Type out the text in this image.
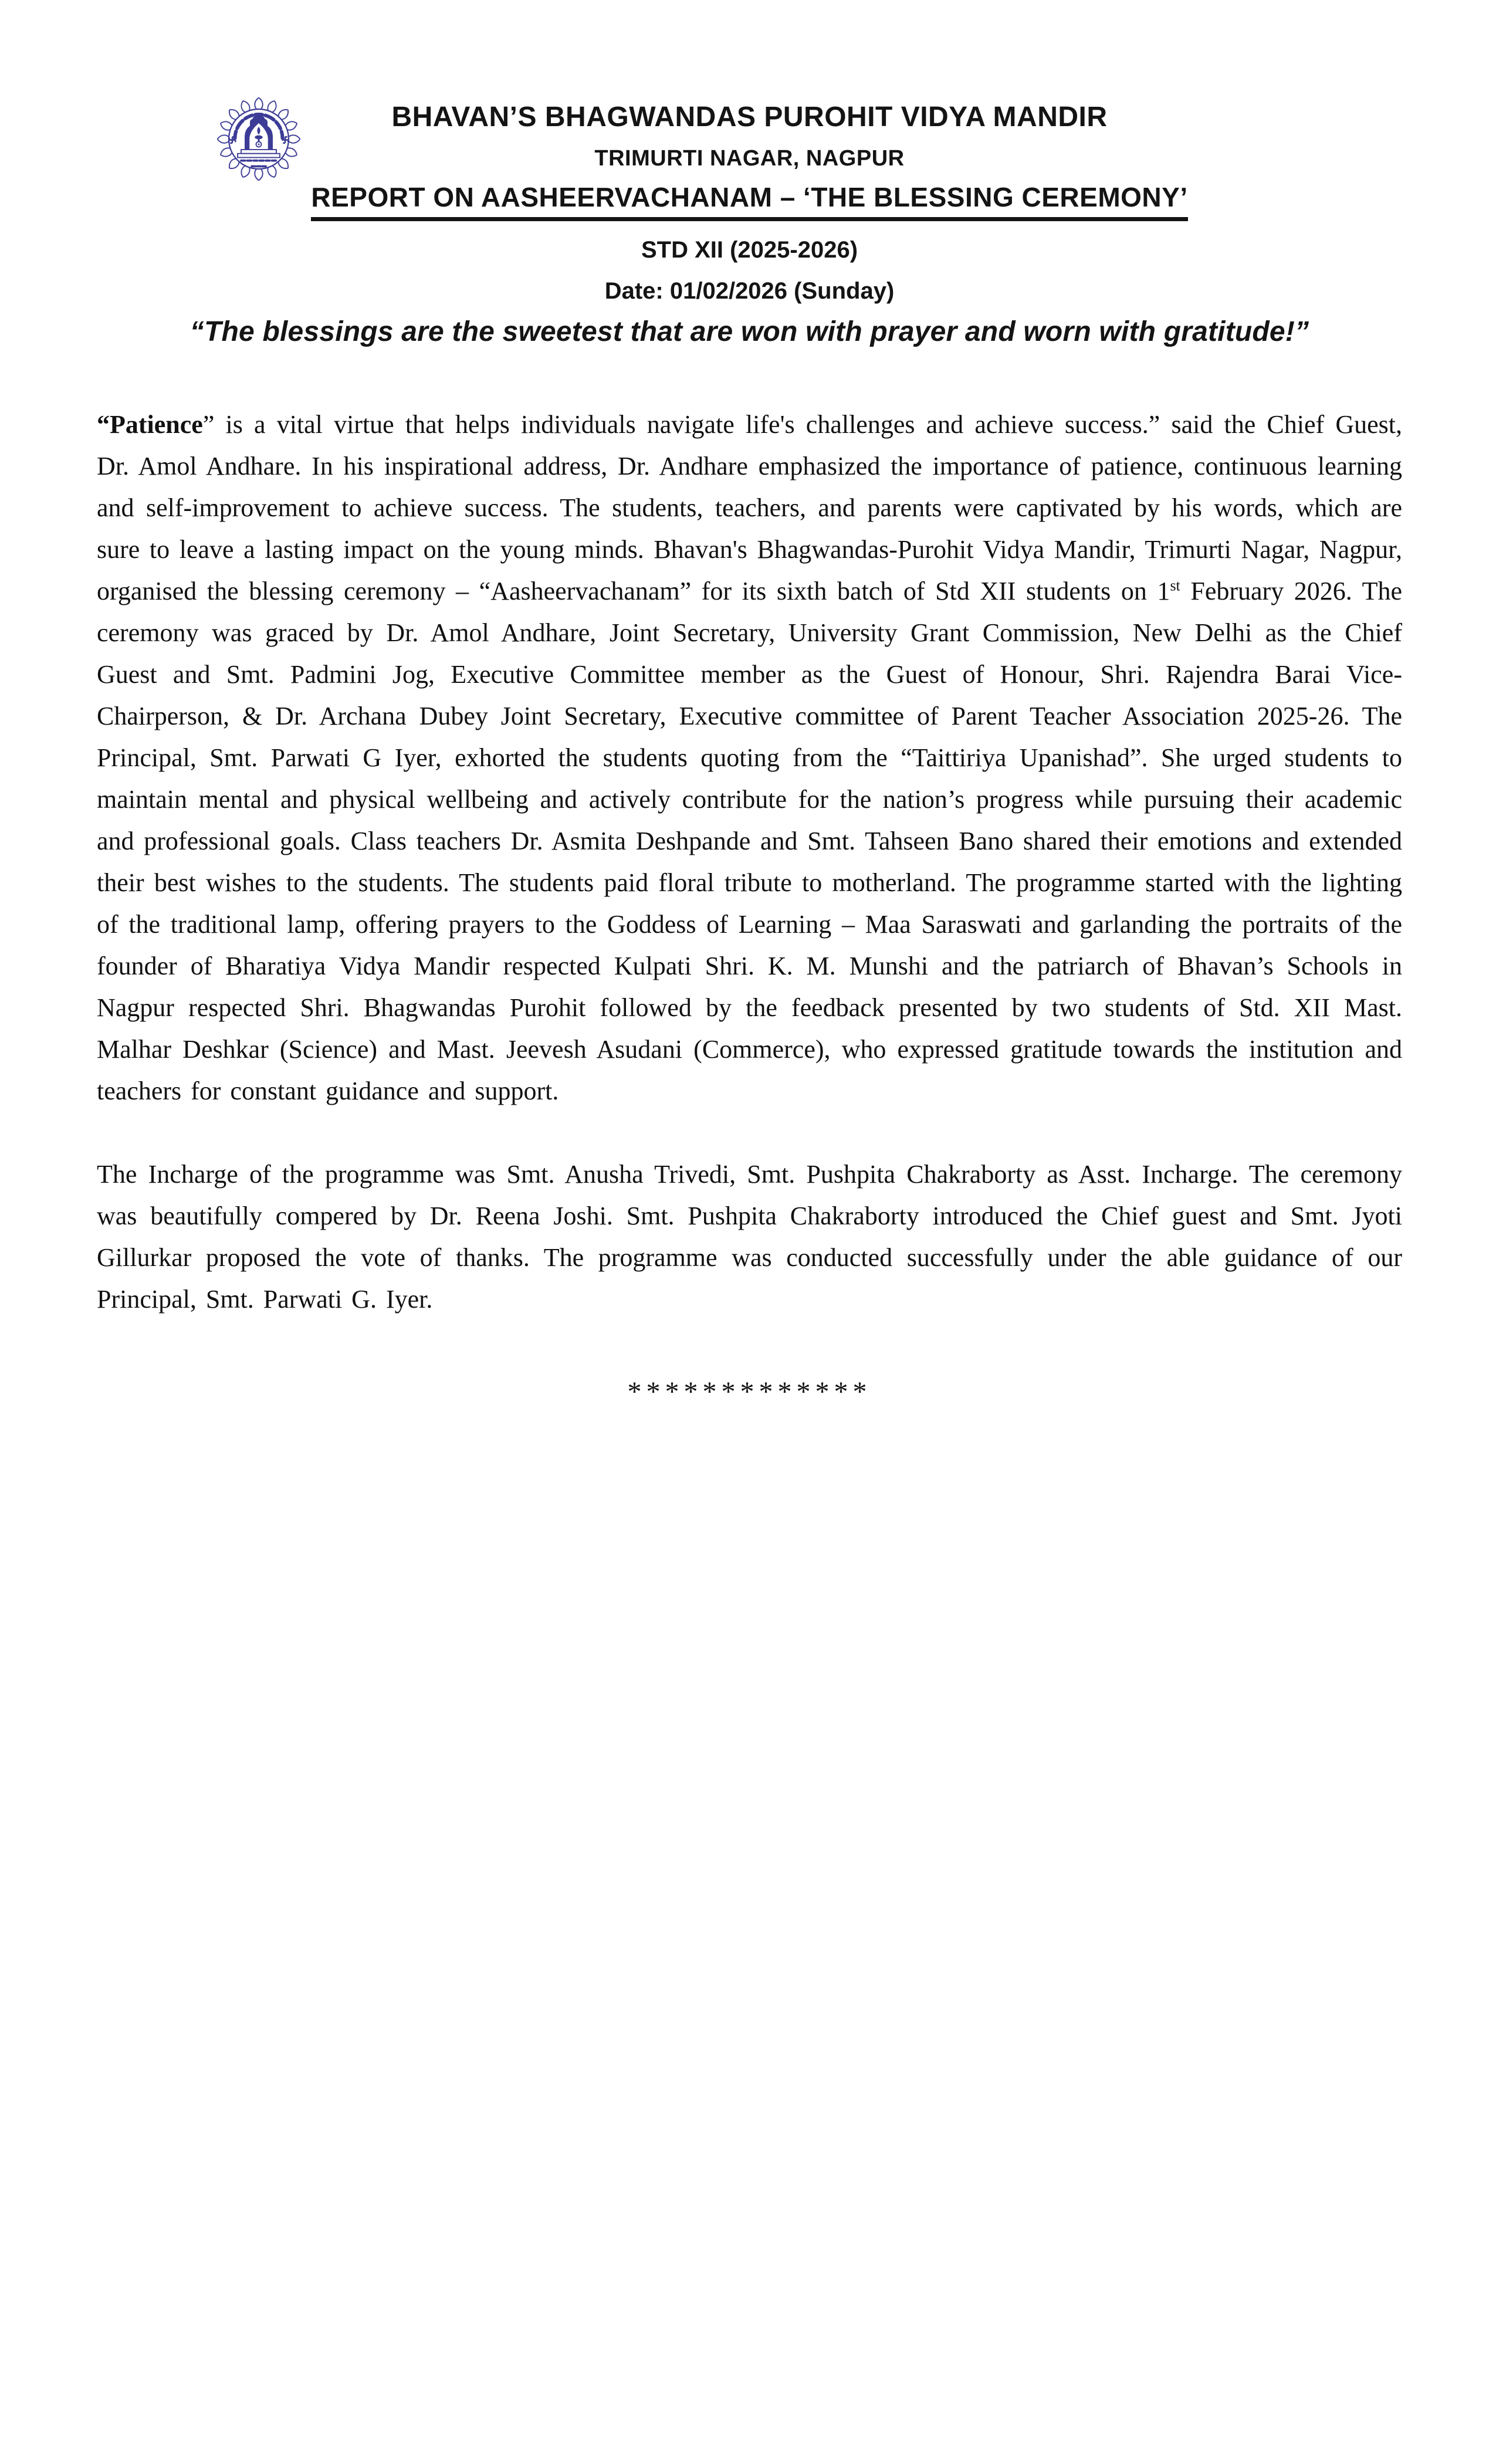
BHAVAN’S BHAGWANDAS PUROHIT VIDYA MANDIR
TRIMURTI NAGAR, NAGPUR
REPORT ON AASHEERVACHANAM – ‘THE BLESSING CEREMONY’
STD XII (2025-2026)
Date: 01/02/2026 (Sunday)
“The blessings are the sweetest that are won with prayer and worn with gratitude!”

“Patience” is a vital virtue that helps individuals navigate life's challenges and achieve success.” said the Chief Guest, Dr. Amol Andhare. In his inspirational address, Dr. Andhare emphasized the importance of patience, continuous learning and self-improvement to achieve success. The students, teachers, and parents were captivated by his words, which are sure to leave a lasting impact on the young minds. Bhavan's Bhagwandas-Purohit Vidya Mandir, Trimurti Nagar, Nagpur, organised the blessing ceremony – “Aasheervachanam” for its sixth batch of Std XII students on 1st February 2026. The ceremony was graced by Dr. Amol Andhare, Joint Secretary, University Grant Commission, New Delhi as the Chief Guest and Smt. Padmini Jog, Executive Committee member as the Guest of Honour, Shri. Rajendra Barai Vice-Chairperson, & Dr. Archana Dubey Joint Secretary, Executive committee of Parent Teacher Association 2025-26. The Principal, Smt. Parwati G Iyer, exhorted the students quoting from the “Taittiriya Upanishad”. She urged students to maintain mental and physical wellbeing and actively contribute for the nation’s progress while pursuing their academic and professional goals. Class teachers Dr. Asmita Deshpande and Smt. Tahseen Bano shared their emotions and extended their best wishes to the students. The students paid floral tribute to motherland. The programme started with the lighting of the traditional lamp, offering prayers to the Goddess of Learning – Maa Saraswati and garlanding the portraits of the founder of Bharatiya Vidya Mandir respected Kulpati Shri. K. M. Munshi and the patriarch of Bhavan’s Schools in Nagpur respected Shri. Bhagwandas Purohit followed by the feedback presented by two students of Std. XII Mast. Malhar Deshkar (Science) and Mast. Jeevesh Asudani (Commerce), who expressed gratitude towards the institution and teachers for constant guidance and support.

The Incharge of the programme was Smt. Anusha Trivedi, Smt. Pushpita Chakraborty as Asst. Incharge. The ceremony was beautifully compered by Dr. Reena Joshi. Smt. Pushpita Chakraborty introduced the Chief guest and Smt. Jyoti Gillurkar proposed the vote of thanks. The programme was conducted successfully under the able guidance of our Principal, Smt. Parwati G. Iyer.

*************
